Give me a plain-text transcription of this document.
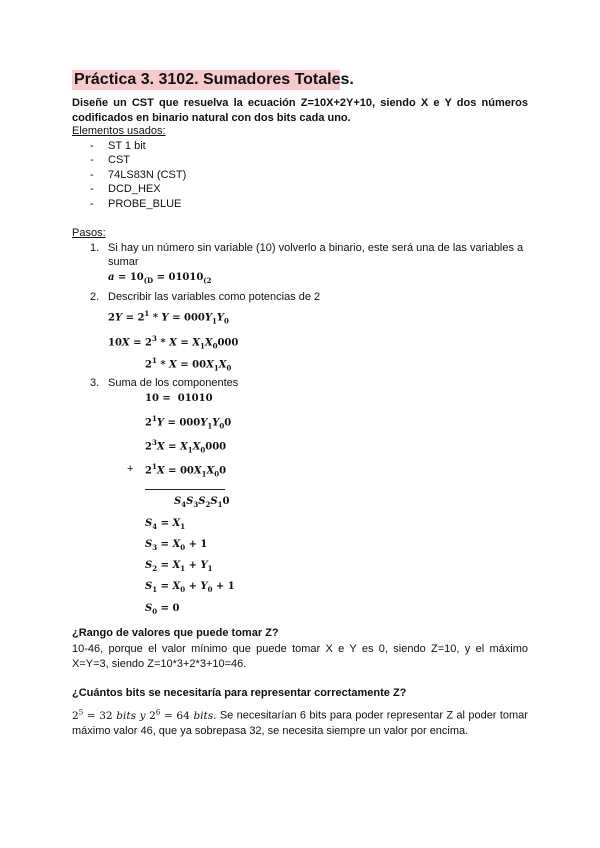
Práctica 3. 3102. Sumadores Totales.
Diseñe un CST que resuelva la ecuación Z=10X+2Y+10, siendo X e Y dos números codificados en binario natural con dos bits cada uno.
Elementos usados:
- ST 1 bit
- CST
- 74LS83N (CST)
- DCD_HEX
- PROBE_BLUE
Pasos:
1. Si hay un número sin variable (10) volverlo a binario, este será una de las variables a
sumar
$a = 10_{(D} = 01010_{(2}$
2. Describir las variables como potencias de 2
$2Y = 2^1 * Y = 000Y_1Y_0$
$10X = 2^3 * X = X_1X_0000$
$2^1 * X = 00X_1X_0$
3. Suma de los componentes
10 =  01010
$2^1Y = 000Y_1Y_00$
$2^3X = X_1X_0000$
+ $2^1X = 00X_1X_00$
$S_4S_3S_2S_10$
$S_4 = X_1$
$S_3 = X_0 + 1$
$S_2 = X_1 + Y_1$
$S_1 = X_0 + Y_0 + 1$
$S_0 = 0$
¿Rango de valores que puede tomar Z?
10-46, porque el valor mínimo que puede tomar X e Y es 0, siendo Z=10, y el máximo X=Y=3, siendo Z=10*3+2*3+10=46.
¿Cuántos bits se necesitaría para representar correctamente Z?
$2^5 = 32$ bits y $2^6 = 64$ bits. Se necesitarían 6 bits para poder representar Z al poder tomar máximo valor 46, que ya sobrepasa 32, se necesita siempre un valor por encima.
